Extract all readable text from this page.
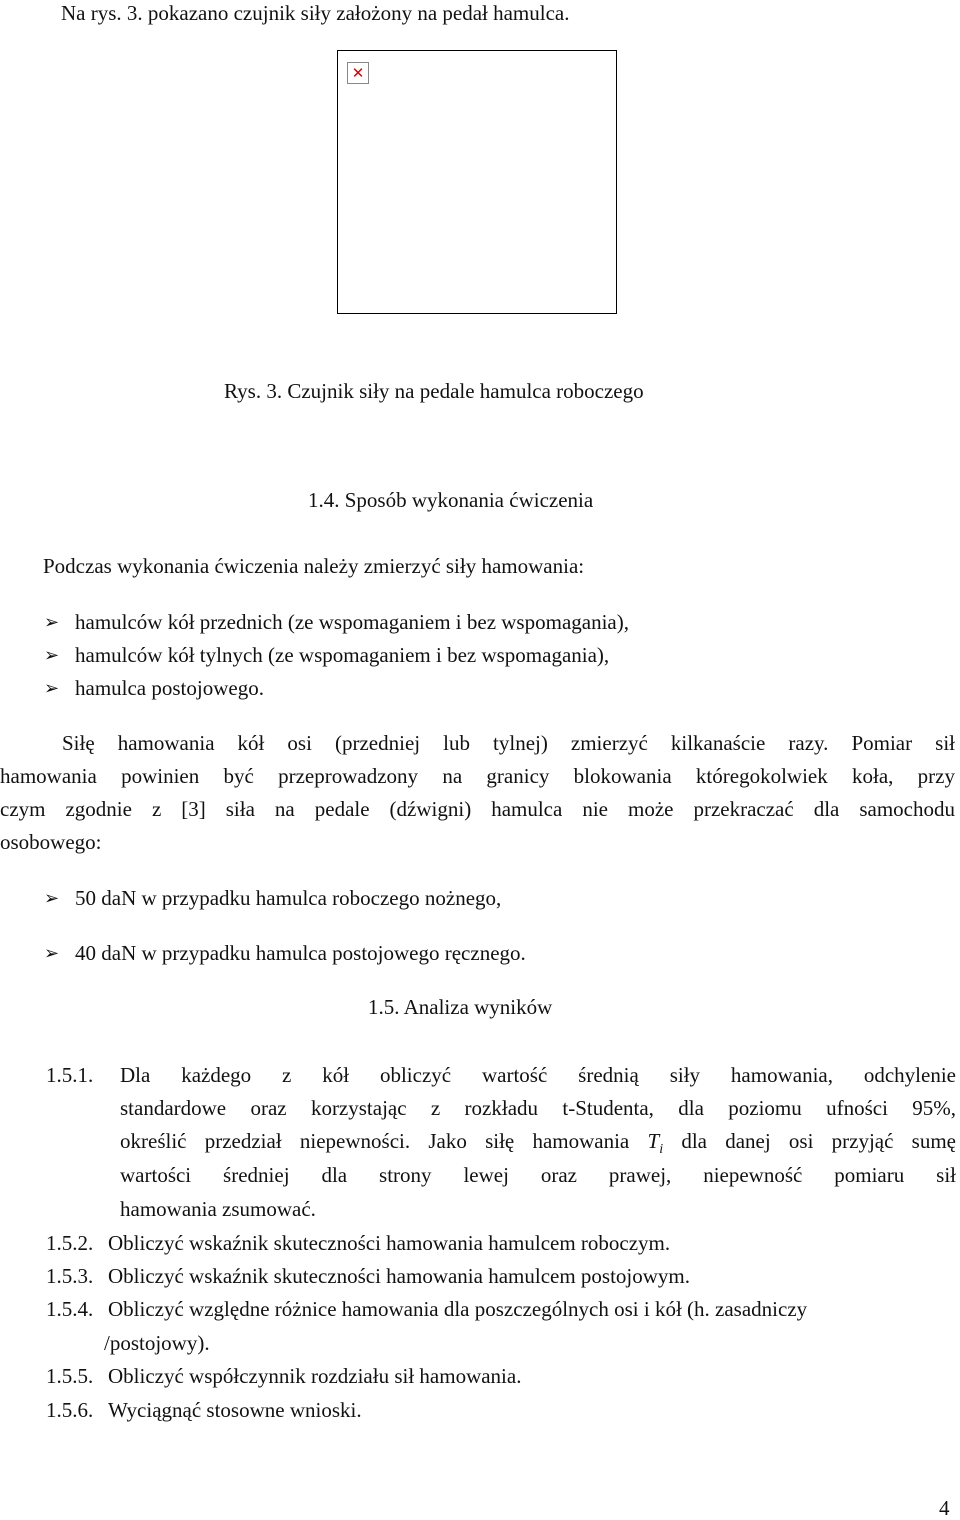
Na rys. 3. pokazano czujnik siły założony na pedał hamulca.
✕
Rys. 3. Czujnik siły na pedale hamulca roboczego
1.4. Sposób wykonania ćwiczenia
Podczas wykonania ćwiczenia należy zmierzyć siły hamowania:
➢ hamulców kół przednich (ze wspomaganiem i bez wspomagania),
➢ hamulców kół tylnych (ze wspomaganiem i bez wspomagania),
➢ hamulca postojowego.
Siłę hamowania kół osi (przedniej lub tylnej) zmierzyć kilkanaście razy. Pomiar sił
hamowania powinien być przeprowadzony na granicy blokowania któregokolwiek koła, przy
czym zgodnie z [3] siła na pedale (dźwigni) hamulca nie może przekraczać dla samochodu
osobowego:
➢ 50 daN w przypadku hamulca roboczego nożnego,
➢ 40 daN w przypadku hamulca postojowego ręcznego.
1.5. Analiza wyników
1.5.1. Dla każdego z kół obliczyć wartość średnią siły hamowania, odchylenie
standardowe oraz korzystając z rozkładu t-Studenta, dla poziomu ufności 95%,
określić przedział niepewności. Jako siłę hamowania $T_i$ dla danej osi przyjąć sumę
wartości średniej dla strony lewej oraz prawej, niepewność pomiaru sił
hamowania zsumować.
1.5.2. Obliczyć wskaźnik skuteczności hamowania hamulcem roboczym.
1.5.3. Obliczyć wskaźnik skuteczności hamowania hamulcem postojowym.
1.5.4. Obliczyć względne różnice hamowania dla poszczególnych osi i kół (h. zasadniczy
/postojowy).
1.5.5. Obliczyć współczynnik rozdziału sił hamowania.
1.5.6. Wyciągnąć stosowne wnioski.
4
